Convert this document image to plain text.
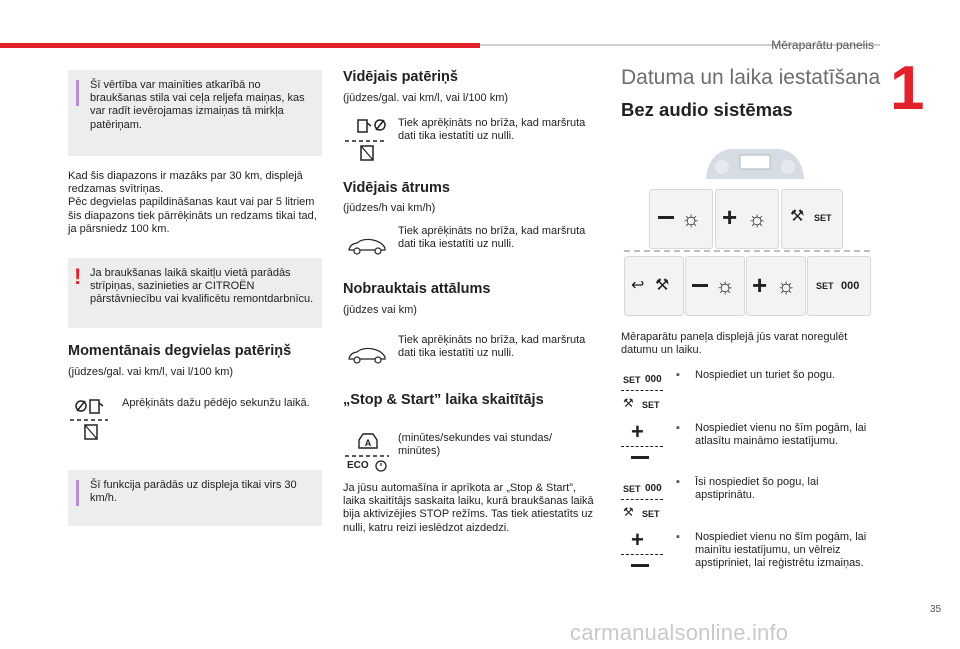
Mēraparātu panelis
1
Šī vērtība var mainīties atkarībā no braukšanas stila vai ceļa reljefa maiņas, kas var radīt ievērojamas izmaiņas tā mirkļa patēriņam.
Kad šis diapazons ir mazāks par 30 km, displejā redzamas svītriņas.
Pēc degvielas papildināšanas kaut vai par 5 litriem šis diapazons tiek pārrēķināts un redzams tikai tad, ja pārsniedz 100 km.
! Ja braukšanas laikā skaitļu vietā parādās strīpiņas, sazinieties ar CITROËN pārstāvniecību vai kvalificētu remontdarbnīcu.
Momentānais degvielas patēriņš
(jūdzes/gal. vai km/l, vai l/100 km)
Aprēķināts dažu pēdējo sekunžu laikā.
Šī funkcija parādās uz displeja tikai virs 30 km/h.
Vidējais patēriņš
(jūdzes/gal. vai km/l, vai l/100 km)
Tiek aprēķināts no brīža, kad maršruta dati tika iestatīti uz nulli.
Vidējais ātrums
(jūdzes/h vai km/h)
Tiek aprēķināts no brīža, kad maršruta dati tika iestatīti uz nulli.
Nobrauktais attālums
(jūdzes vai km)
Tiek aprēķināts no brīža, kad maršruta dati tika iestatīti uz nulli.
„Stop & Start” laika skaitītājs
A
ECO
(minūtes/sekundes vai stundas/ minūtes)
Ja jūsu automašīna ir aprīkota ar „Stop & Start”, laika skaitītājs saskaita laiku, kurā braukšanas laikā bija aktivizējies STOP režīms. Tas tiek atiestatīts uz nulli, katru reizi ieslēdzot aizdedzi.
Datuma un laika iestatīšana
Bez audio sistēmas
☼ + ☼ ⚒ SET
↩ ⚒ ☼ + ☼ SET 000
Mēraparātu paneļa displejā jūs varat noregulēt datumu un laiku.
SET 000
⚒ SET
▪ Nospiediet un turiet šo pogu.
+	▪ Nospiediet vienu no šīm pogām, lai atlasītu maināmo iestatījumu.
SET 000
⚒ SET
▪ Īsi nospiediet šo pogu, lai apstiprinātu.
+	▪ Nospiediet vienu no šīm pogām, lai mainītu iestatījumu, un vēlreiz apstipriniet, lai reģistrētu izmaiņas.
35
carmanualsonline.info
